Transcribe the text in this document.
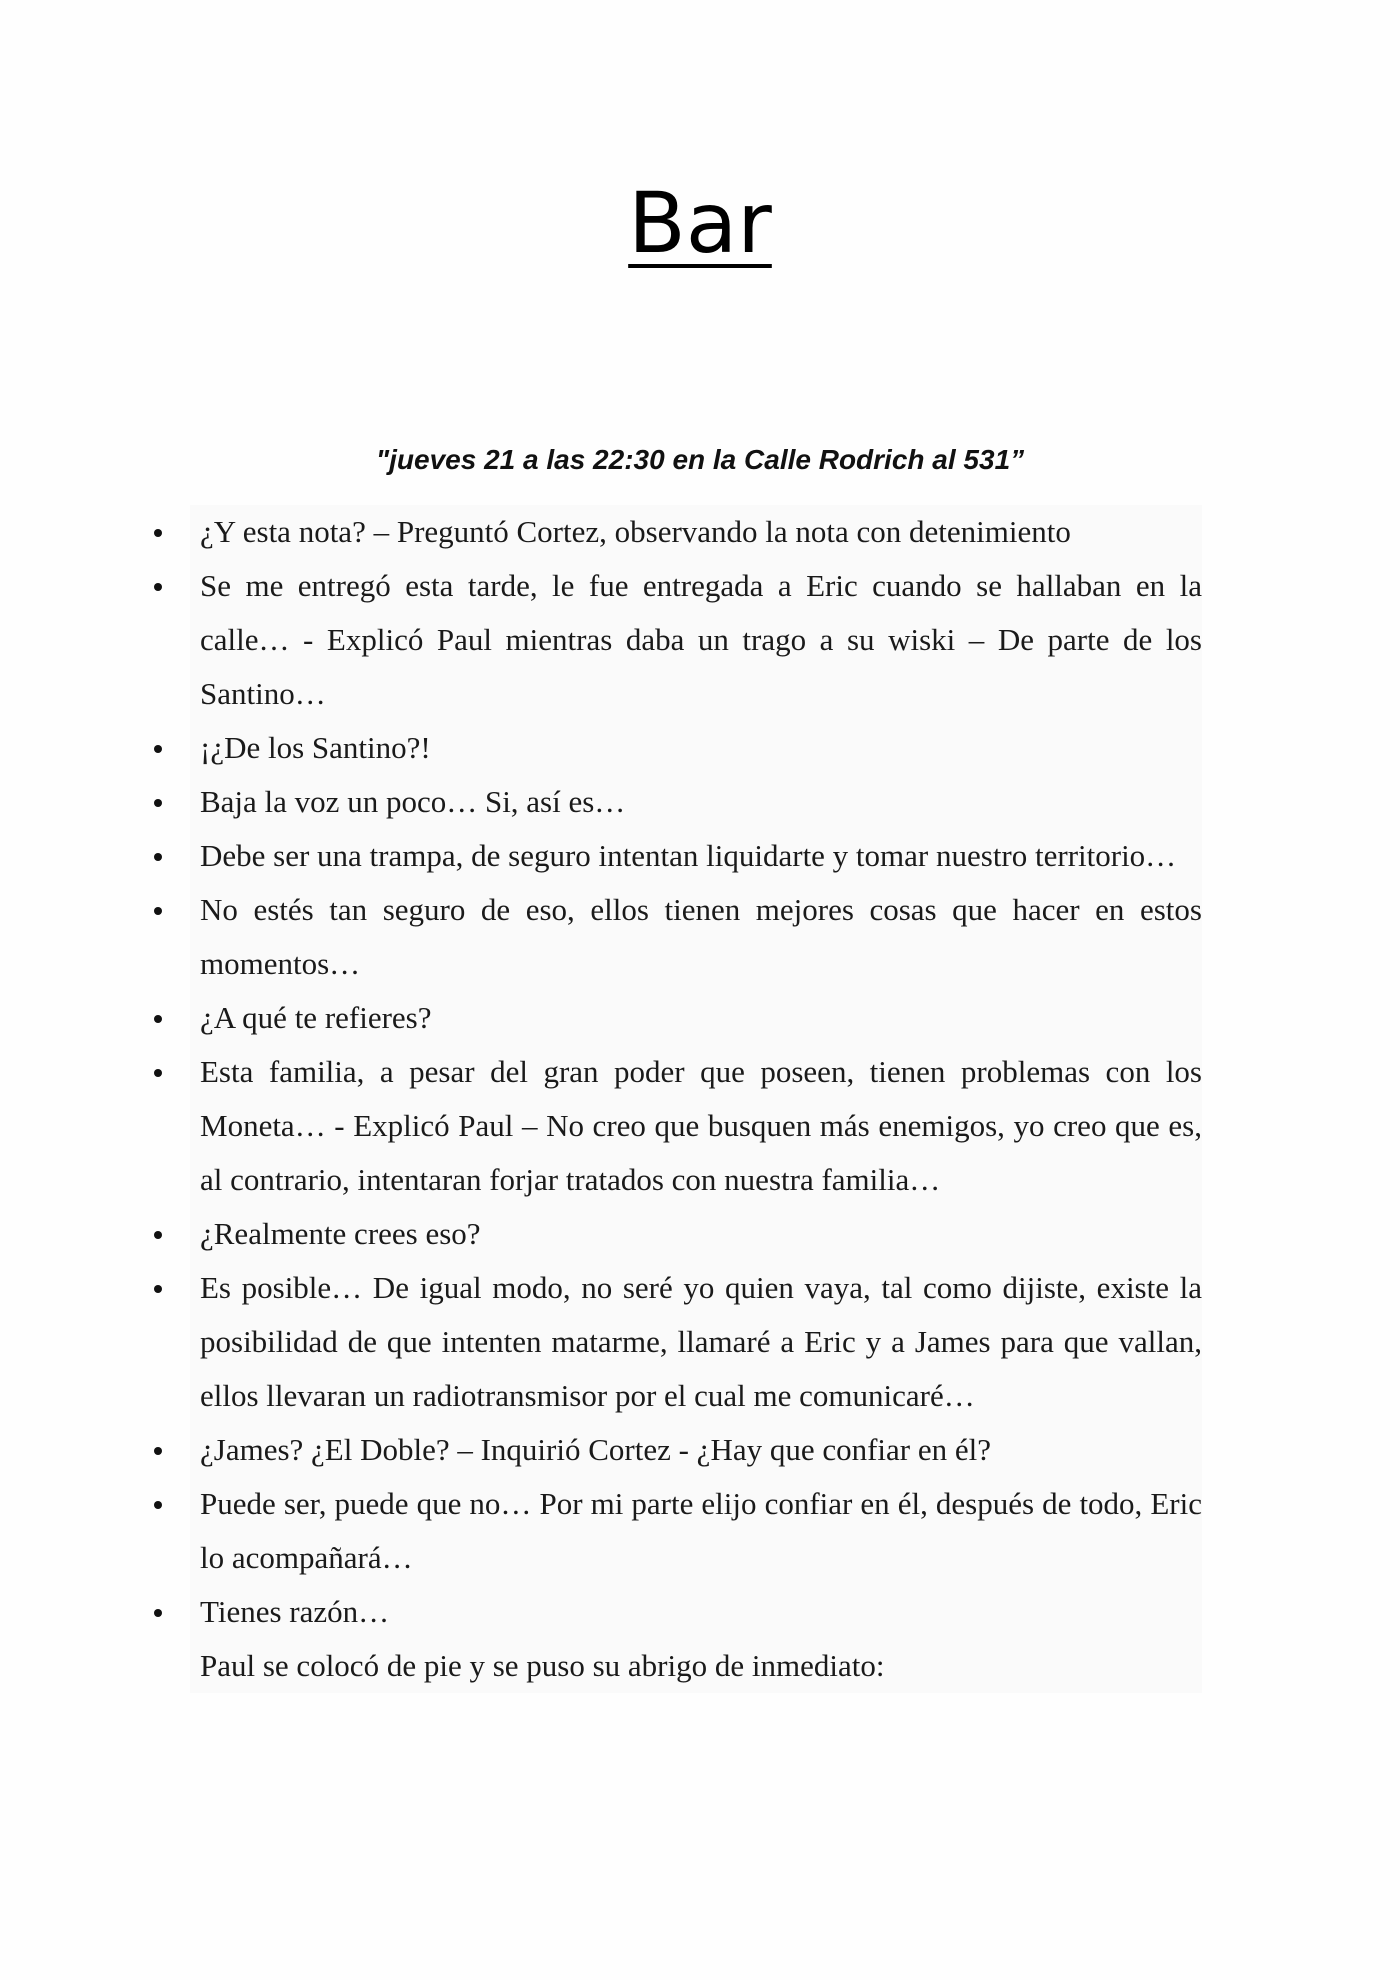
Bar
"jueves 21 a las 22:30 en la Calle Rodrich al 531”
¿Y esta nota? – Preguntó Cortez, observando la nota con detenimiento
Se me entregó esta tarde, le fue entregada a Eric cuando se hallaban en la calle… - Explicó Paul mientras daba un trago a su wiski – De parte de los Santino…
¡¿De los Santino?!
Baja la voz un poco… Si, así es…
Debe ser una trampa, de seguro intentan liquidarte y tomar nuestro territorio…
No estés tan seguro de eso, ellos tienen mejores cosas que hacer en estos momentos…
¿A qué te refieres?
Esta familia, a pesar del gran poder que poseen, tienen problemas con los Moneta… - Explicó Paul – No creo que busquen más enemigos, yo creo que es, al contrario, intentaran forjar tratados con nuestra familia…
¿Realmente crees eso?
Es posible… De igual modo, no seré yo quien vaya, tal como dijiste, existe la posibilidad de que intenten matarme, llamaré a Eric y a James para que vallan, ellos llevaran un radiotransmisor por el cual me comunicaré…
¿James? ¿El Doble? – Inquirió Cortez - ¿Hay que confiar en él?
Puede ser, puede que no… Por mi parte elijo confiar en él, después de todo, Eric lo acompañará…
Tienes razón…
Paul se colocó de pie y se puso su abrigo de inmediato:
